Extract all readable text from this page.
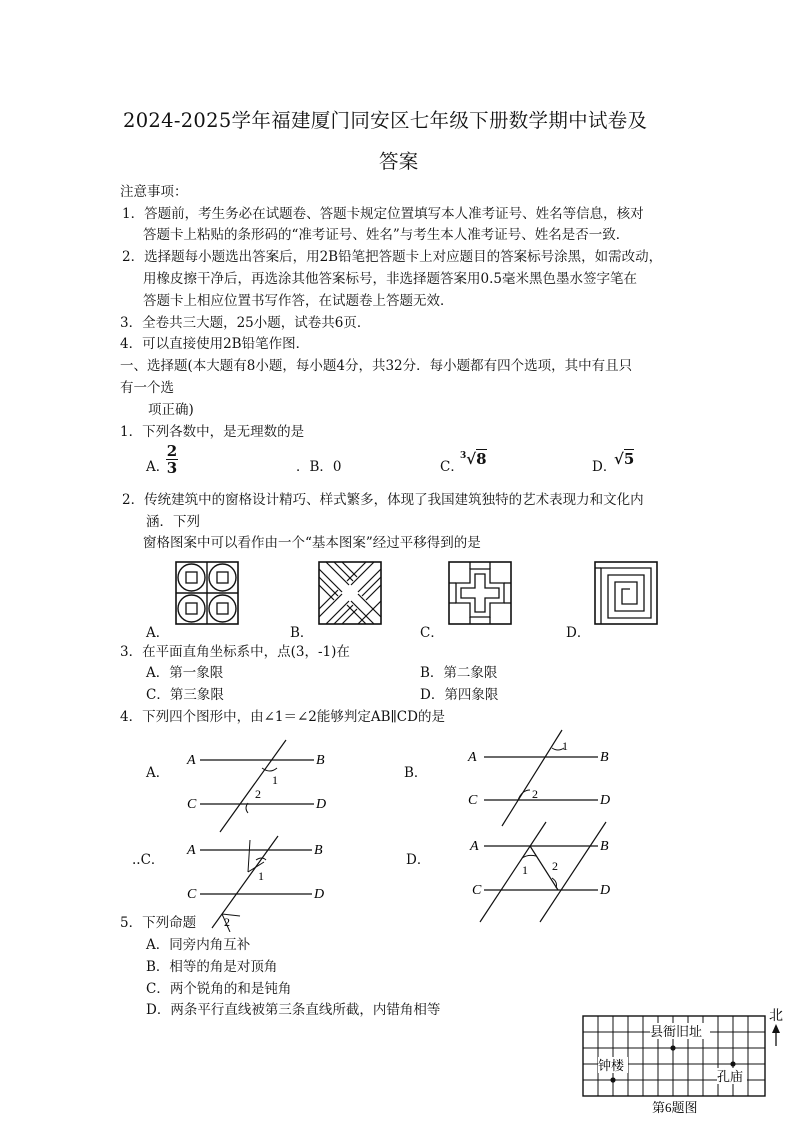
2024-2025学年福建厦门同安区七年级下册数学期中试卷及
答案
注意事项：
1．答题前，考生务必在试题卷、答题卡规定位置填写本人准考证号、姓名等信息，核对
答题卡上粘贴的条形码的“准考证号、姓名”与考生本人准考证号、姓名是否一致．
2．选择题每小题选出答案后，用2B铅笔把答题卡上对应题目的答案标号涂黑，如需改动，
用橡皮擦干净后，再选涂其他答案标号，非选择题答案用0.5毫米黑色墨水签字笔在
答题卡上相应位置书写作答，在试题卷上答题无效．
3．全卷共三大题，25小题，试卷共6页．
4．可以直接使用2B铅笔作图．
一、选择题(本大题有8小题，每小题4分，共32分．每小题都有四个选项，其中有且只
有一个选
项正确)
1．下列各数中，是无理数的是
A．
2
3	．B．0	C．
$^3$√8	D．
√5
2．传统建筑中的窗格设计精巧、样式繁多，体现了我国建筑独特的艺术表现力和文化内
涵．下列
窗格图案中可以看作由一个“基本图案”经过平移得到的是
A．	B．	C．	D．
3．在平面直角坐标系中，点(3，-1)在
A．第一象限	B．第二象限
C．第三象限	D．第四象限
4．下列四个图形中，由∠1＝∠2能够判定AB∥CD的是
A．
A	B
C	D
1
2
B．
A	B
C	D
1
2
..C．
A	B
C	D
1
2
D．
A	B
C	D
1 2
5．下列命题
A．同旁内角互补
B．相等的角是对顶角
C．两个锐角的和是钝角
D．两条平行直线被第三条直线所截，内错角相等
县衙旧址
钟楼
孔庙
北
第6题图
